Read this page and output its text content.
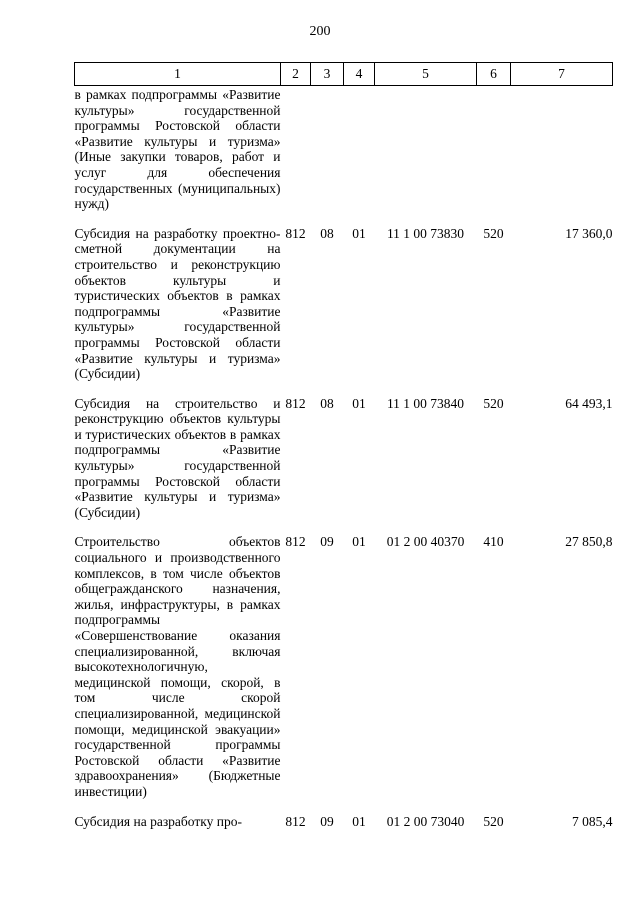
200
1	2	3	4	5	6	7
в рамках подпрограммы «Развитие культуры» государственной программы Ростовской области «Развитие культуры и туризма» (Иные закупки товаров, работ и услуг для обеспечения государственных (муниципальных) нужд)						

Субсидия на разработку проектно-сметной документации на строительство и реконструкцию объектов культуры и туристических объектов в рамках подпрограммы «Развитие культуры» государственной программы Ростовской области «Развитие культуры и туризма» (Субсидии)	812	08	01	11 1 00 73830	520	17 360,0

Субсидия на строительство и реконструкцию объектов культуры и туристических объектов в рамках подпрограммы «Развитие культуры» государственной программы Ростовской области «Развитие культуры и туризма» (Субсидии)	812	08	01	11 1 00 73840	520	64 493,1

Строительство объектов социального и производственного комплексов, в том числе объектов общегражданского назначения, жилья, инфраструктуры, в рамках подпрограммы «Совершенствование оказания специализированной, включая высокотехнологичную, медицинской помощи, скорой, в том числе скорой специализированной, медицинской помощи, медицинской эвакуации» государственной программы Ростовской области «Развитие здравоохранения» (Бюджетные инвестиции)	812	09	01	01 2 00 40370	410	27 850,8

Субсидия на разработку про-	812	09	01	01 2 00 73040	520	7 085,4
